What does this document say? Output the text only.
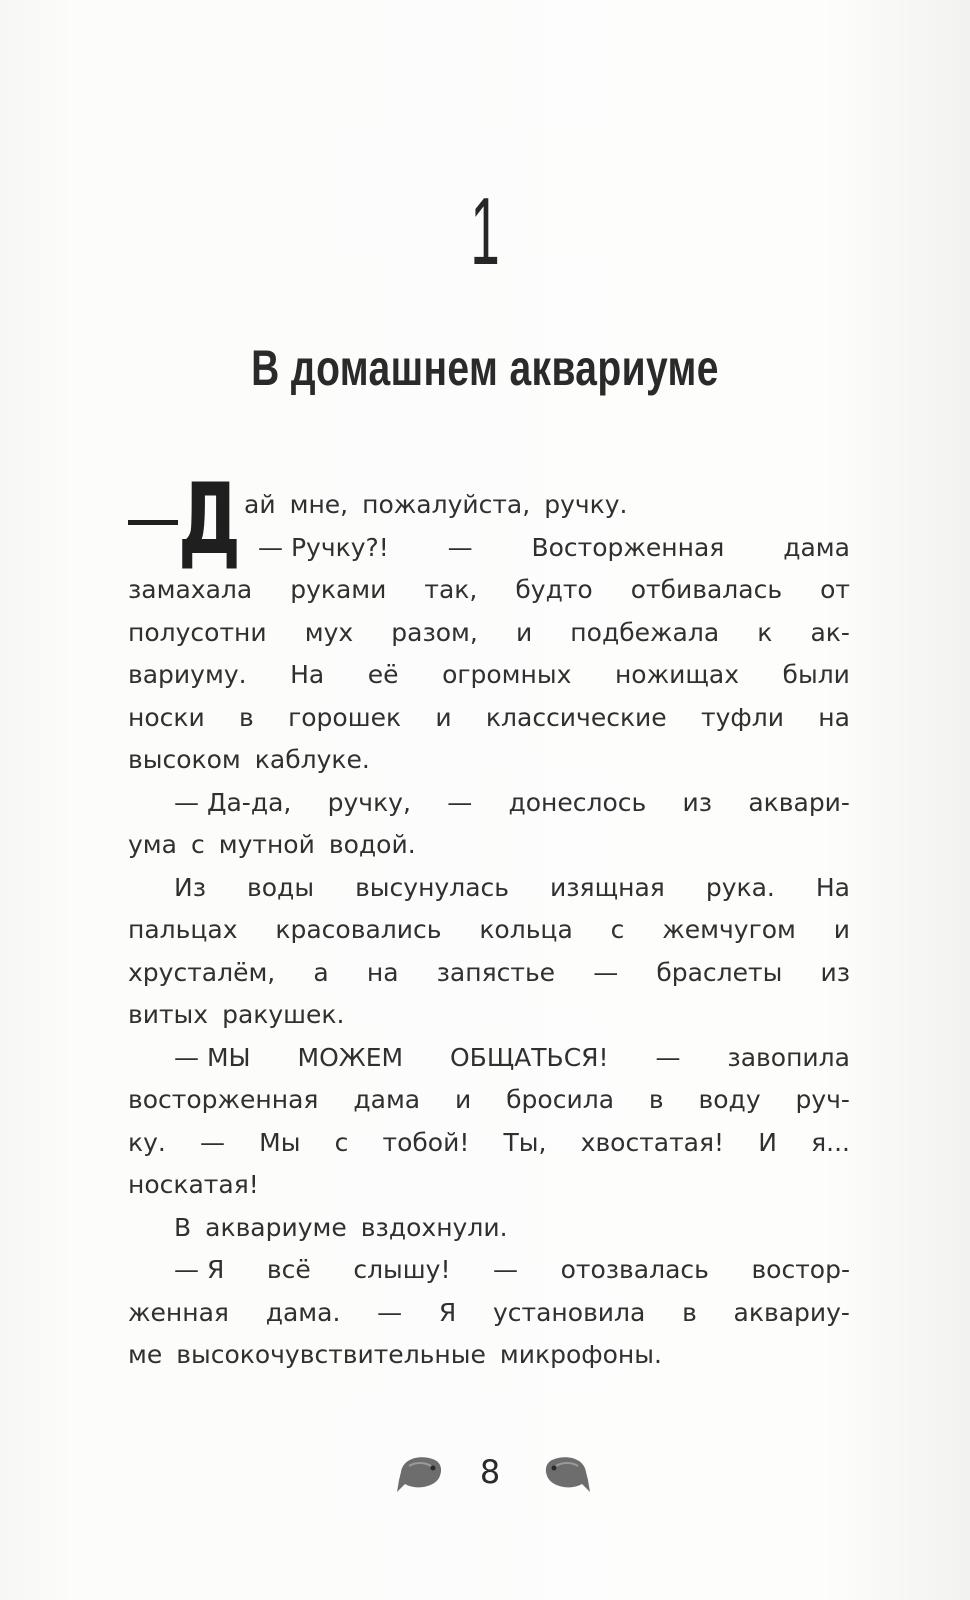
1
В домашнем аквариуме
Д ай мне, пожалуйста, ручку.
— Ручку?! — Восторженная дама
замахала руками так, будто отбивалась от
полусотни мух разом, и подбежала к ак-
вариуму. На её огромных ножищах были
носки в горошек и классические туфли на
высоком каблуке.
— Да-да, ручку, — донеслось из аквари-
ума с мутной водой.
Из воды высунулась изящная рука. На
пальцах красовались кольца с жемчугом и
хрусталём, а на запястье — браслеты из
витых ракушек.
— МЫ МОЖЕМ ОБЩАТЬСЯ! — завопила
восторженная дама и бросила в воду руч-
ку. — Мы с тобой! Ты, хвостатая! И я...
носкатая!
В аквариуме вздохнули.
— Я всё слышу! — отозвалась востор-
женная дама. — Я установила в аквариу-
ме высокочувствительные микрофоны.
8
